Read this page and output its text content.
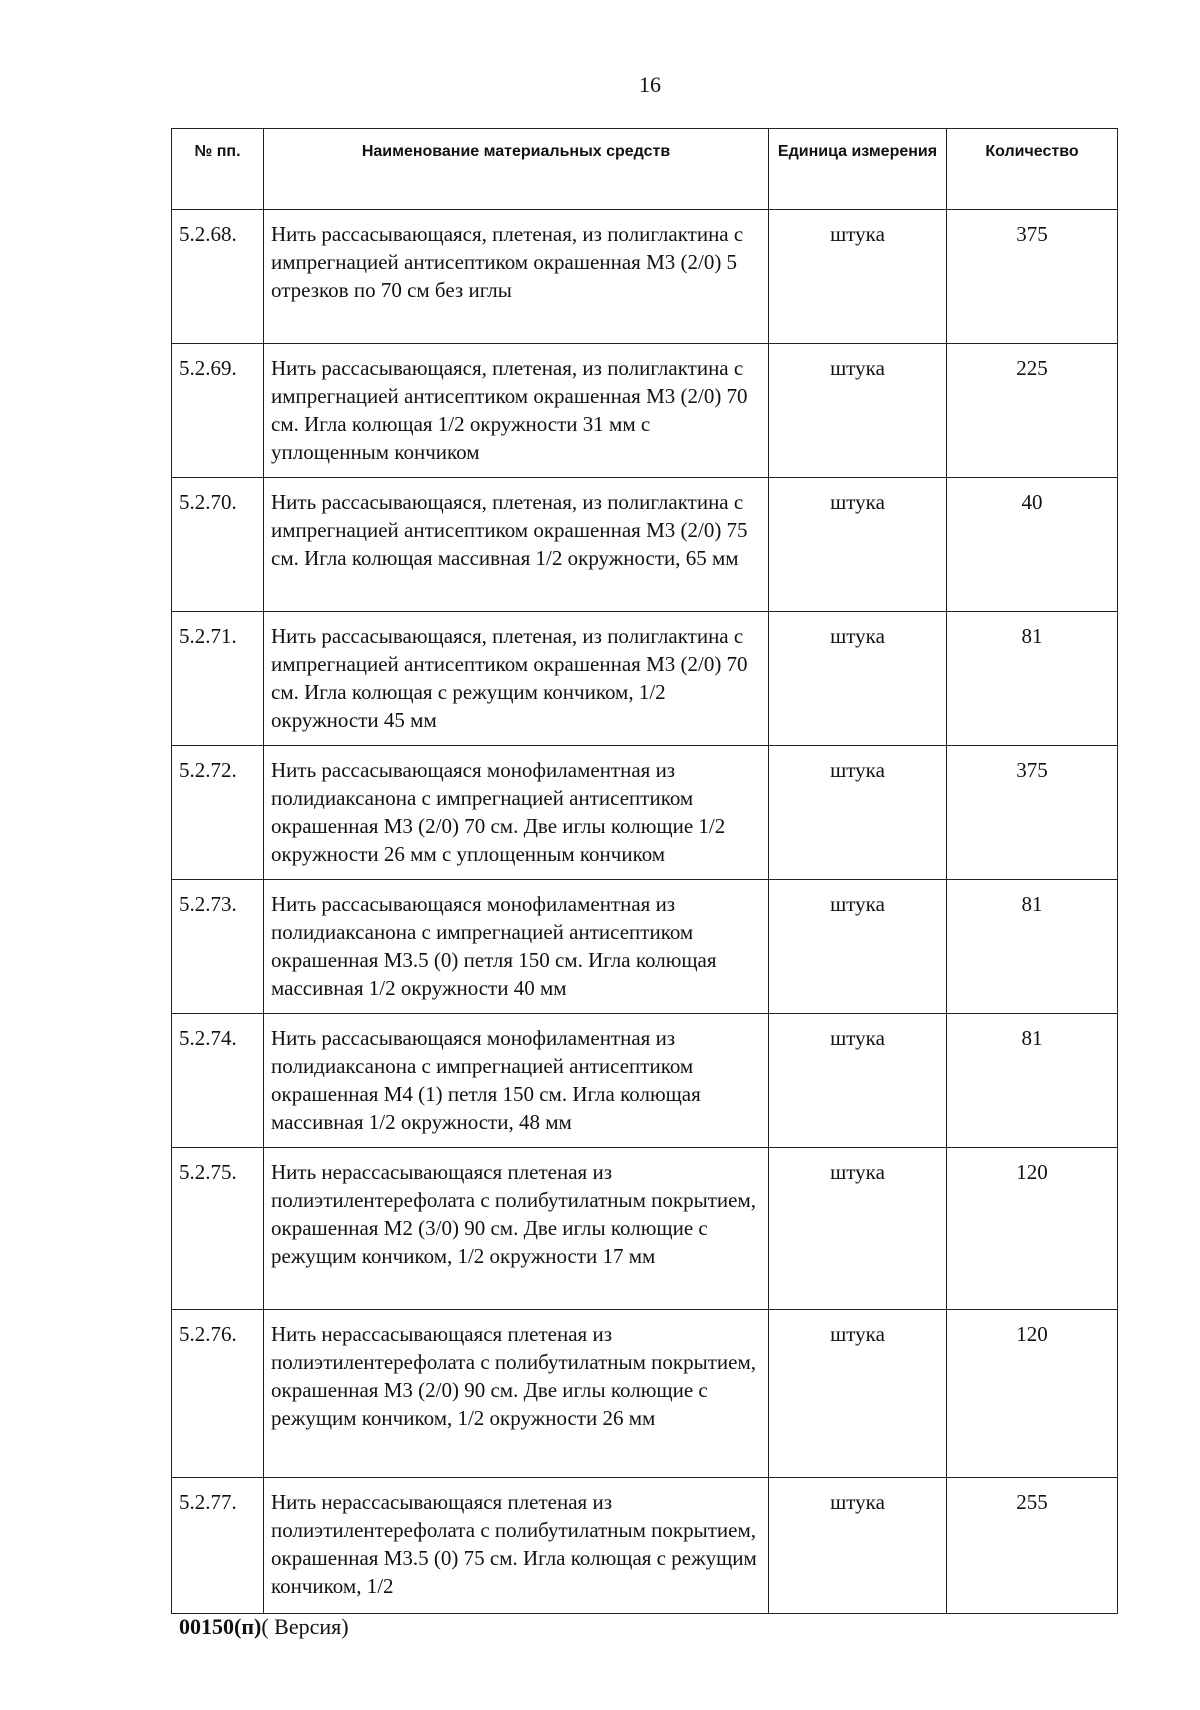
16
№ пп.	Наименование материальных средств	Единица измерения	Количество
5.2.68.	Нить рассасывающаяся, плетеная, из полиглактина с импрегнацией антисептиком окрашенная М3 (2/0) 5 отрезков по 70 см без иглы	штука	375
5.2.69.	Нить рассасывающаяся, плетеная, из полиглактина с импрегнацией антисептиком окрашенная М3 (2/0) 70 см. Игла колющая 1/2 окружности 31 мм с уплощенным кончиком	штука	225
5.2.70.	Нить рассасывающаяся, плетеная, из полиглактина с импрегнацией антисептиком окрашенная М3 (2/0) 75 см. Игла колющая массивная 1/2 окружности, 65 мм	штука	40
5.2.71.	Нить рассасывающаяся, плетеная, из полиглактина с импрегнацией антисептиком окрашенная М3 (2/0) 70 см. Игла колющая с режущим кончиком, 1/2 окружности 45 мм	штука	81
5.2.72.	Нить рассасывающаяся монофиламентная из полидиаксанона с импрегнацией антисептиком окрашенная М3 (2/0) 70 см. Две иглы колющие 1/2 окружности 26 мм с уплощенным кончиком	штука	375
5.2.73.	Нить рассасывающаяся монофиламентная из полидиаксанона с импрегнацией антисептиком окрашенная М3.5 (0) петля 150 см. Игла колющая массивная 1/2 окружности 40 мм	штука	81
5.2.74.	Нить рассасывающаяся монофиламентная из полидиаксанона с импрегнацией антисептиком окрашенная М4 (1) петля 150 см. Игла колющая массивная 1/2 окружности, 48 мм	штука	81
5.2.75.	Нить нерассасывающаяся плетеная из полиэтилентерефолата с полибутилатным покрытием, окрашенная М2 (3/0) 90 см. Две иглы колющие с режущим кончиком, 1/2 окружности 17 мм	штука	120
5.2.76.	Нить нерассасывающаяся плетеная из полиэтилентерефолата с полибутилатным покрытием, окрашенная М3 (2/0) 90 см. Две иглы колющие с режущим кончиком, 1/2 окружности 26 мм	штука	120
5.2.77.	Нить нерассасывающаяся плетеная из полиэтилентерефолата с полибутилатным покрытием, окрашенная М3.5 (0) 75 см. Игла колющая с режущим кончиком, 1/2	штука	255
00150(п)( Версия)
